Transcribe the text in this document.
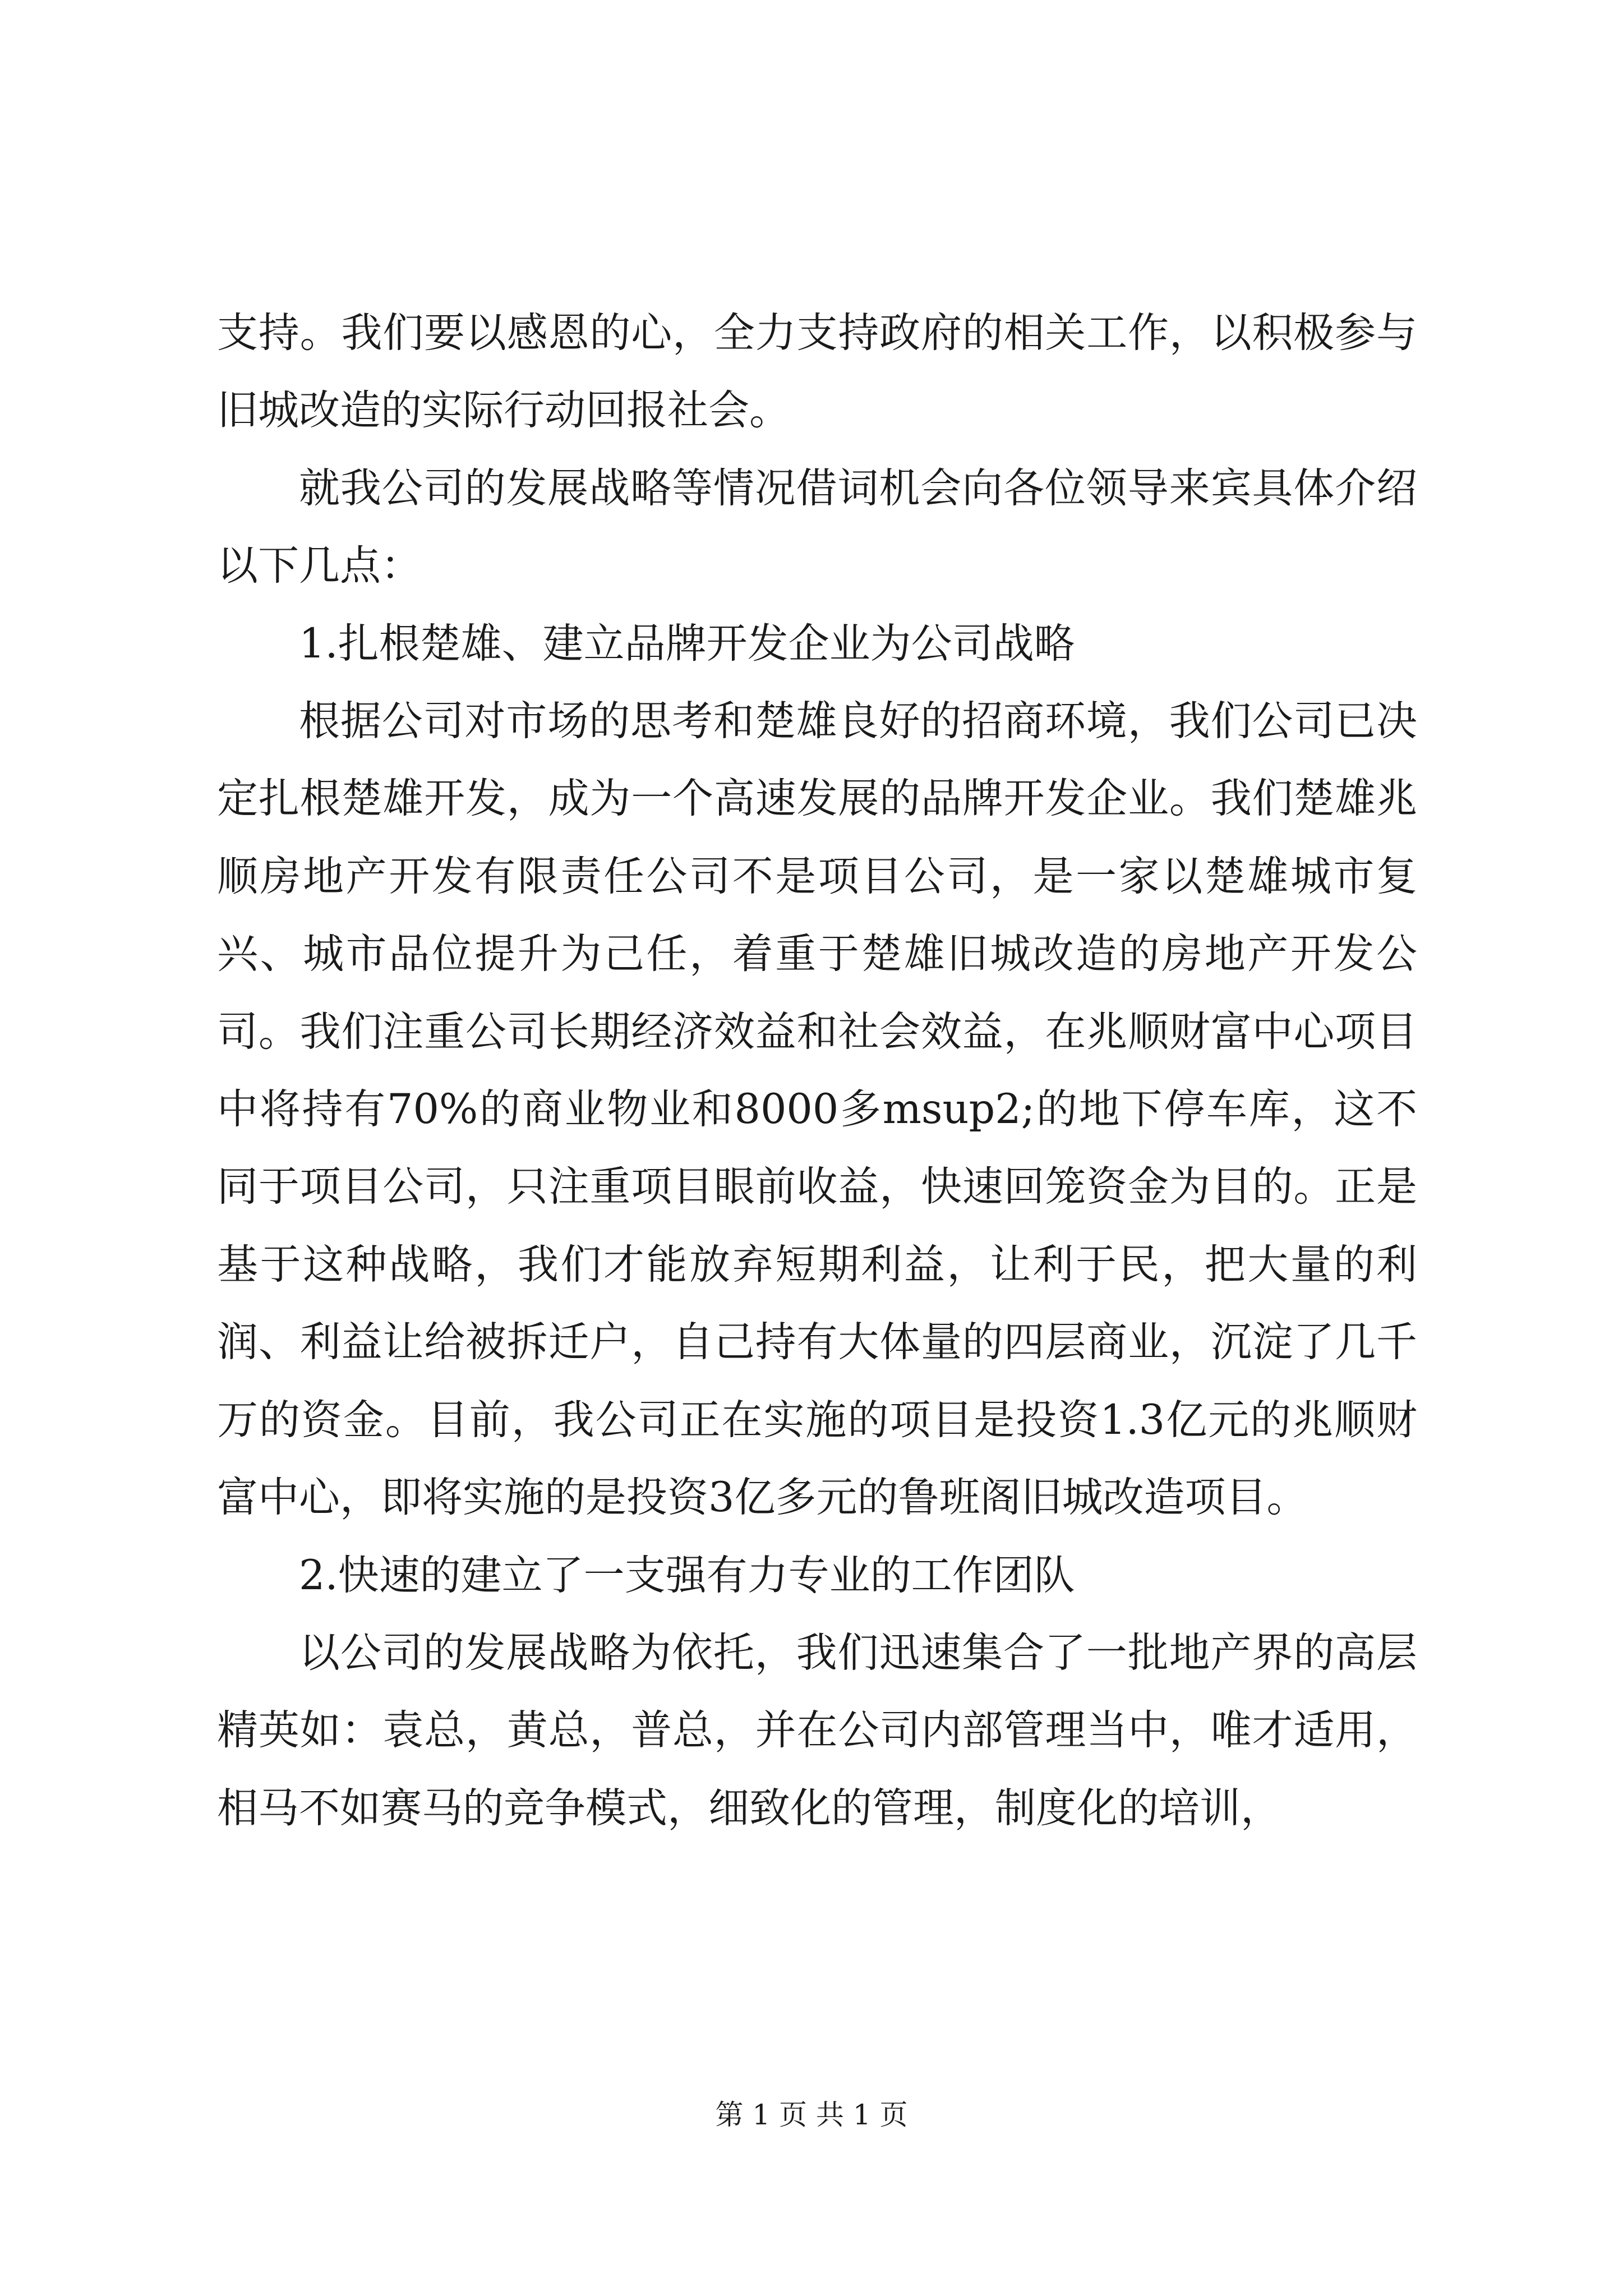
支持。我们要以感恩的心，全力支持政府的相关工作，以积极参与旧城改造的实际行动回报社会。

就我公司的发展战略等情况借词机会向各位领导来宾具体介绍以下几点：

1.扎根楚雄、建立品牌开发企业为公司战略

根据公司对市场的思考和楚雄良好的招商环境，我们公司已决定扎根楚雄开发，成为一个高速发展的品牌开发企业。我们楚雄兆顺房地产开发有限责任公司不是项目公司，是一家以楚雄城市复兴、城市品位提升为己任，着重于楚雄旧城改造的房地产开发公司。我们注重公司长期经济效益和社会效益，在兆顺财富中心项目中将持有70%的商业物业和8000多msup2;的地下停车库，这不同于项目公司，只注重项目眼前收益，快速回笼资金为目的。正是基于这种战略，我们才能放弃短期利益，让利于民，把大量的利润、利益让给被拆迁户，自己持有大体量的四层商业，沉淀了几千万的资金。目前，我公司正在实施的项目是投资1.3亿元的兆顺财富中心，即将实施的是投资3亿多元的鲁班阁旧城改造项目。

2.快速的建立了一支强有力专业的工作团队

以公司的发展战略为依托，我们迅速集合了一批地产界的高层精英如：袁总，黄总，普总，并在公司内部管理当中，唯才适用，相马不如赛马的竞争模式，细致化的管理，制度化的培训，

第 1 页 共 1 页
